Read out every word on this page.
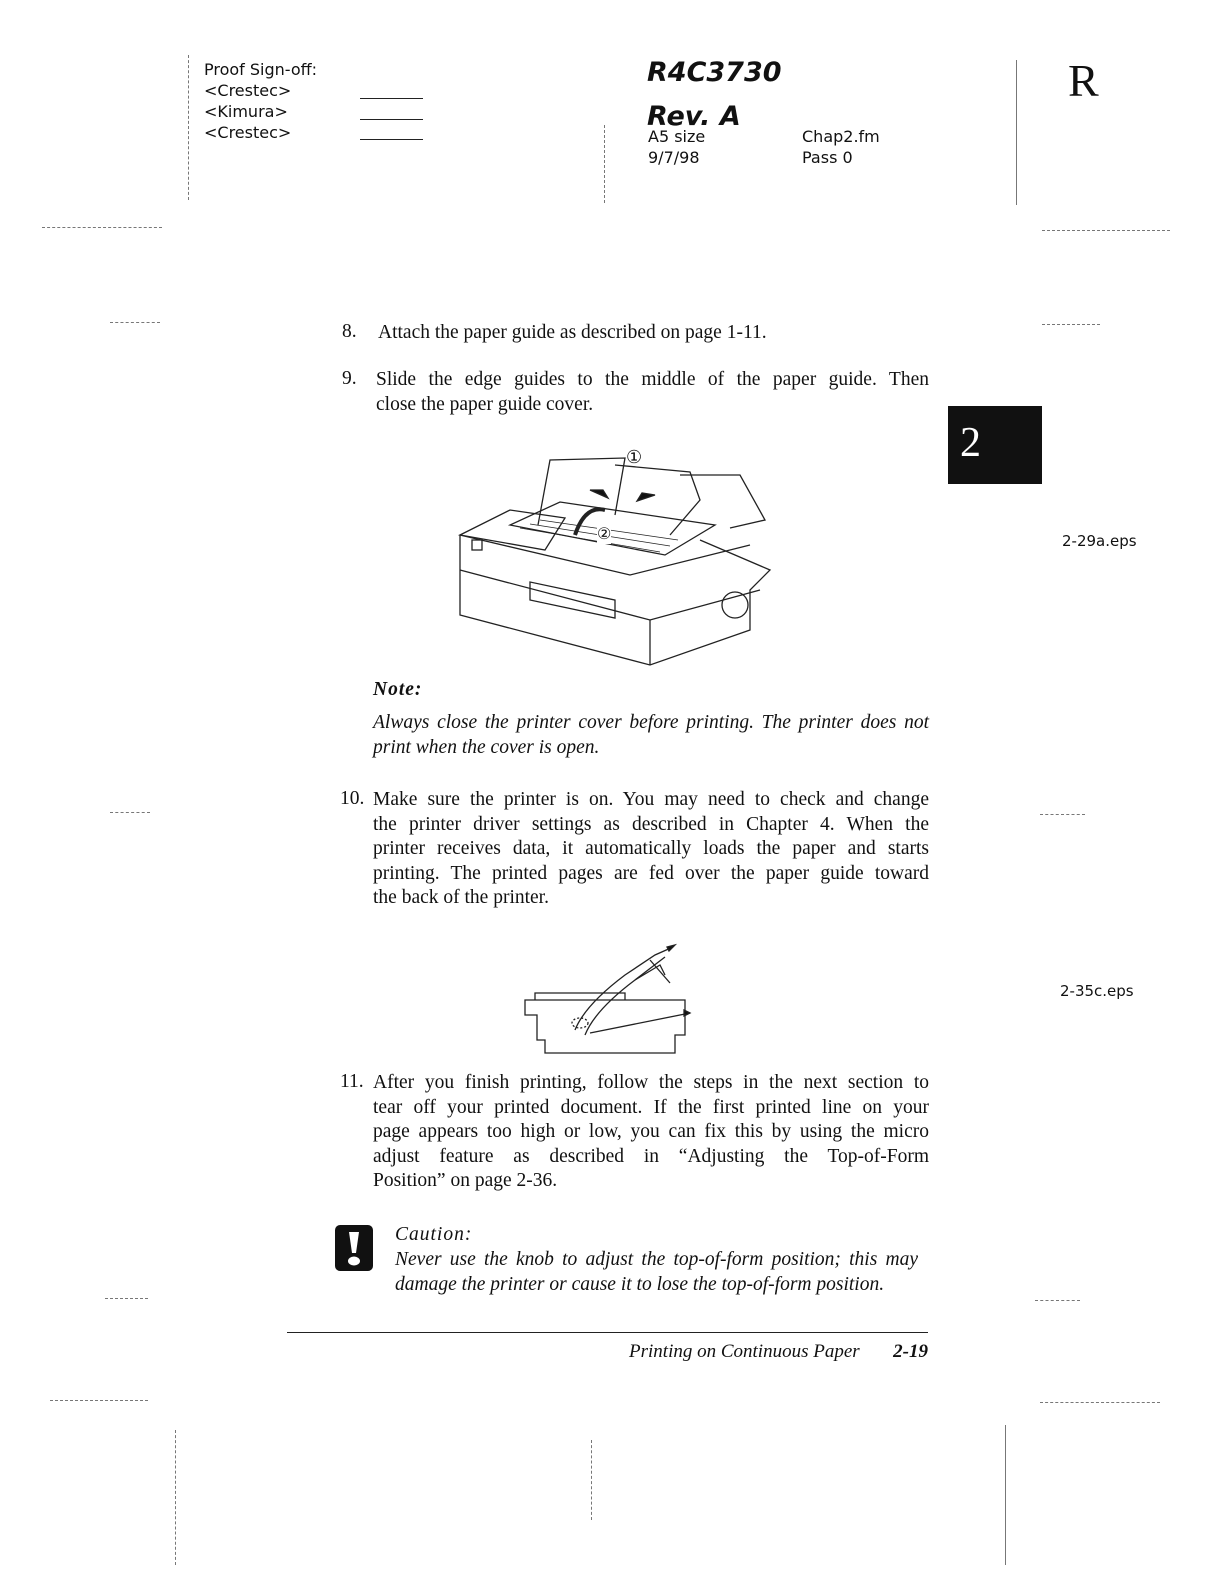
Proof Sign-off:
<Crestec>
<Kimura>
<Crestec>
R4C3730
Rev. A
A5 size
9/7/98
Chap2.fm
Pass 0
R
2
8. Attach the paper guide as described on page 1-11.
9. Slide the edge guides to the middle of the paper guide. Then
close the paper guide cover.
①
②	2-29a.eps
Note:
Always close the printer cover before printing. The printer does not
print when the cover is open.
10. Make sure the printer is on. You may need to check and change
the printer driver settings as described in Chapter 4. When the
printer receives data, it automatically loads the paper and starts
printing. The printed pages are fed over the paper guide toward
the back of the printer.
2-35c.eps
11. After you finish printing, follow the steps in the next section to
tear off your printed document. If the first printed line on your
page appears too high or low, you can fix this by using the micro
adjust feature as described in “Adjusting the Top-of-Form
Position” on page 2-36.
Caution:
Never use the knob to adjust the top-of-form position; this may
damage the printer or cause it to lose the top-of-form position.
Printing on Continuous Paper 2-19
